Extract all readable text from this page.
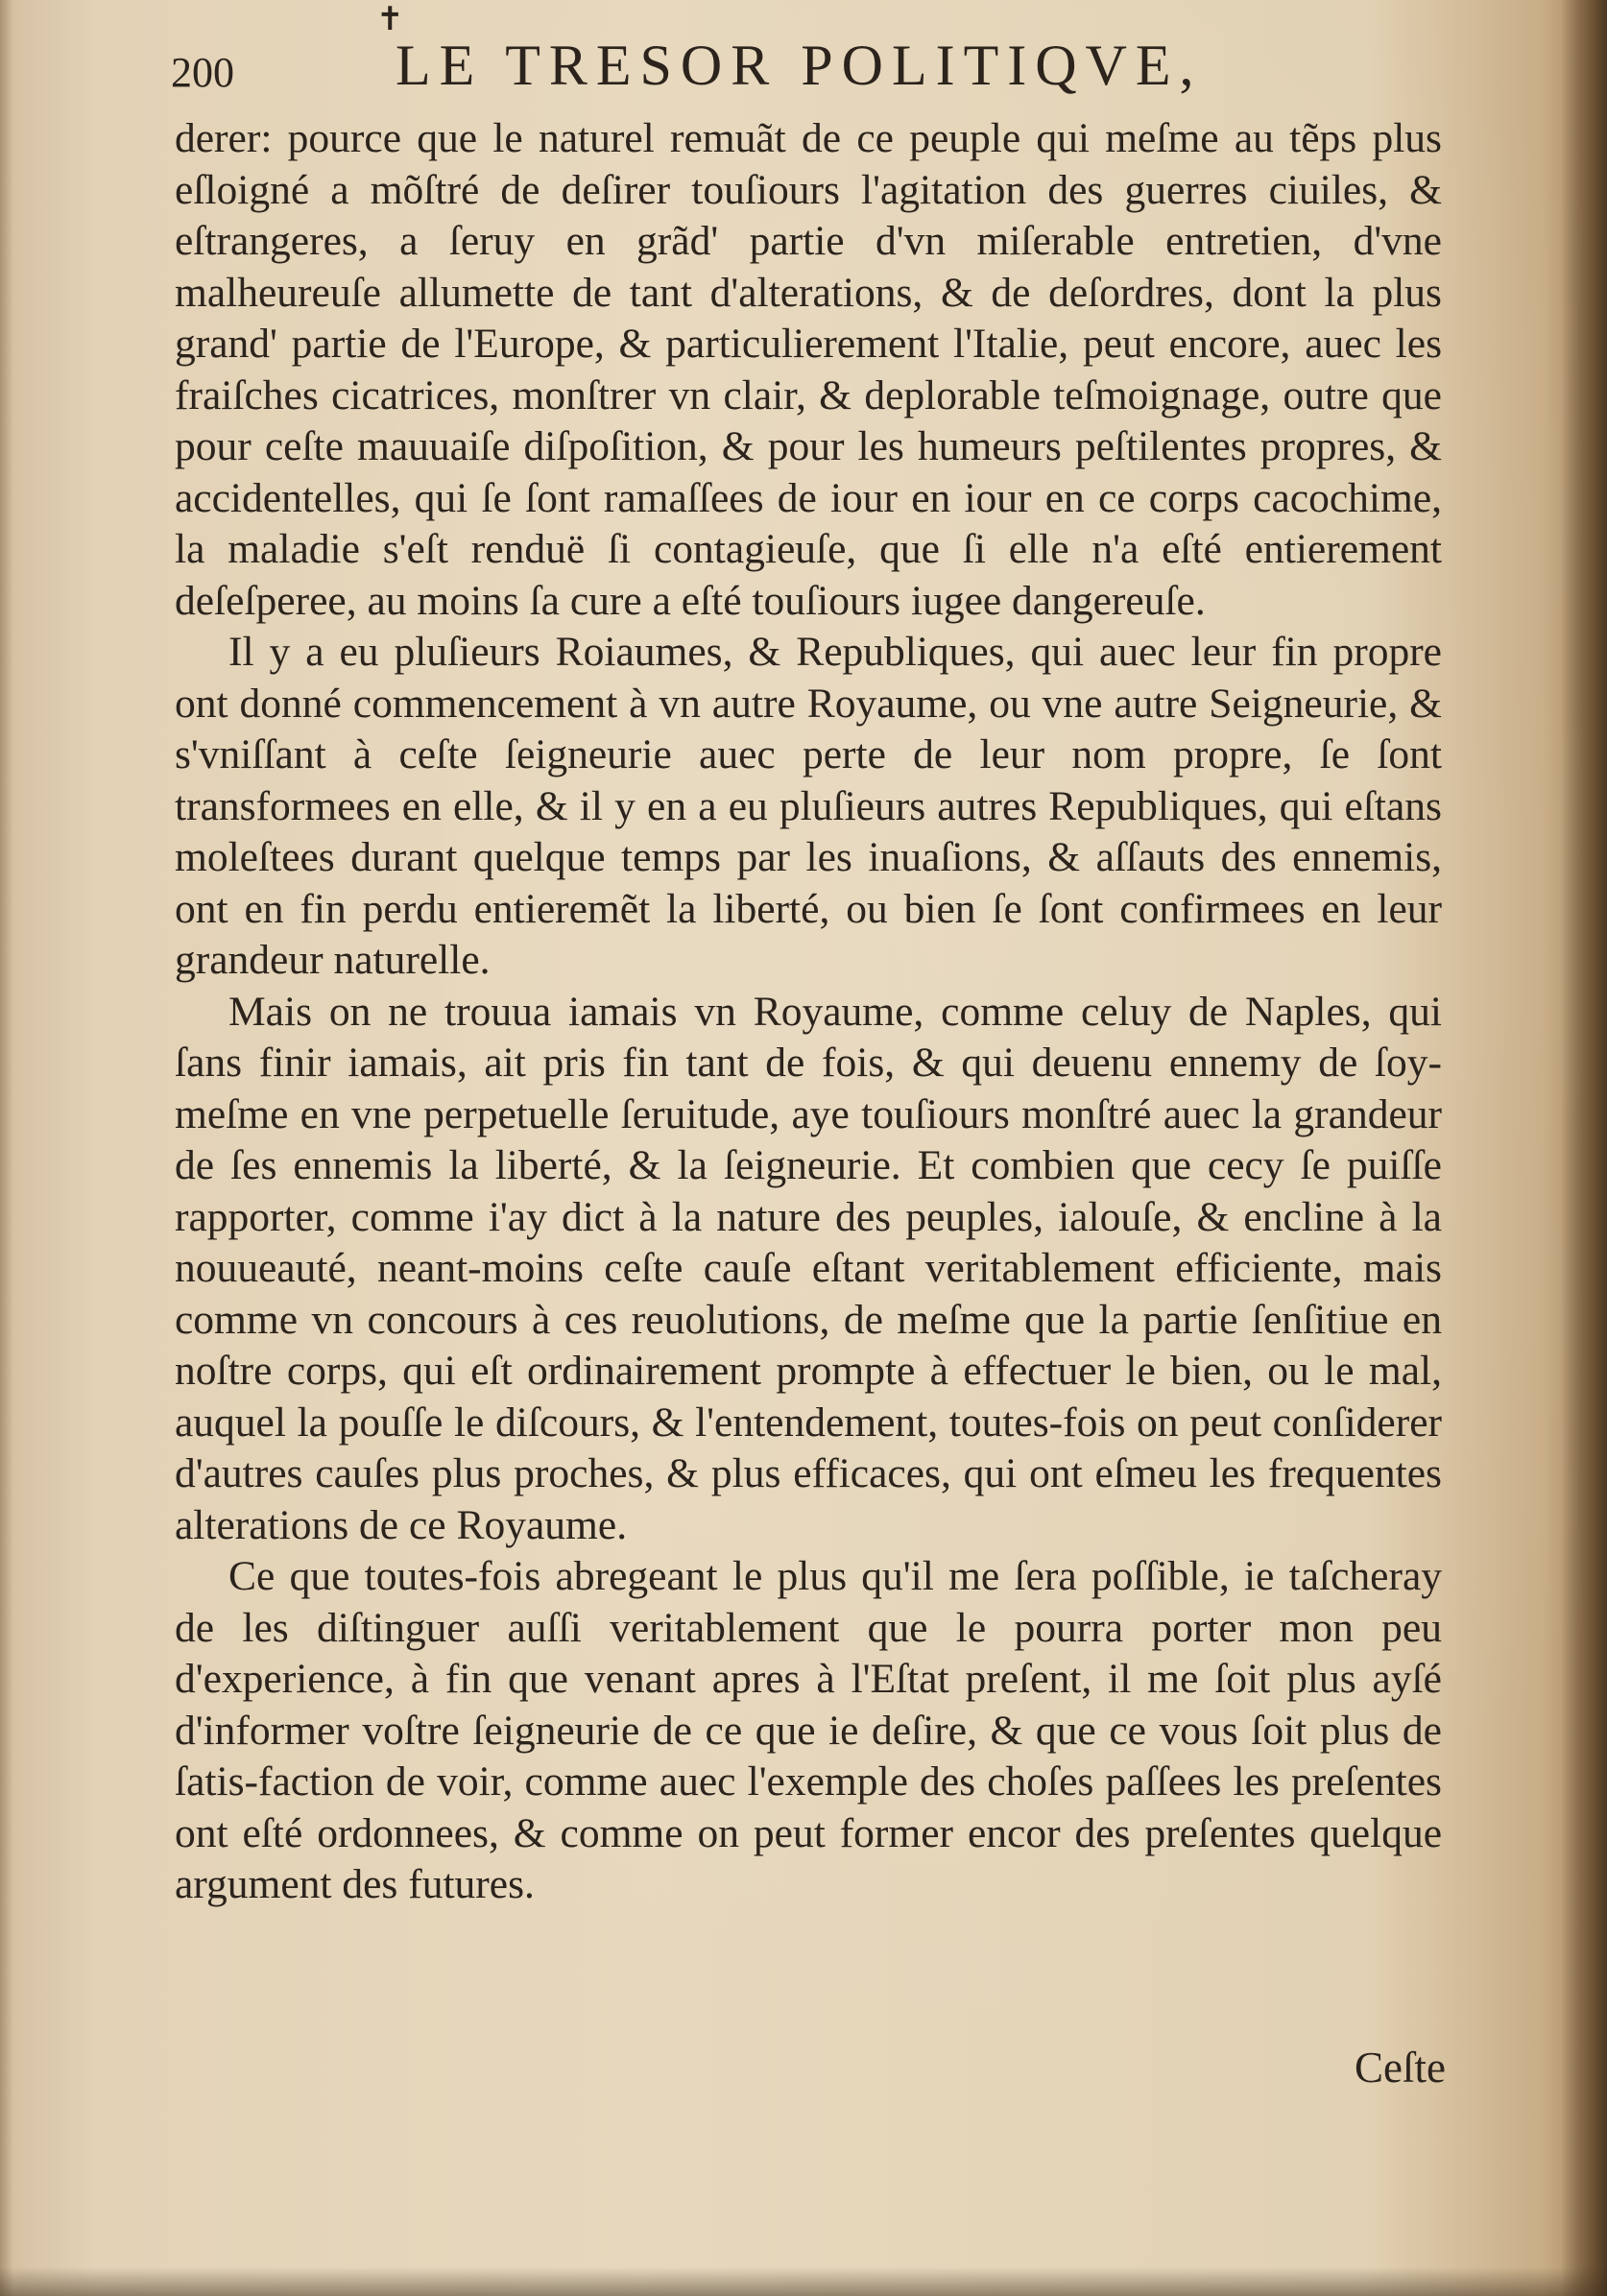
✝
200	LE TRESOR POLITIQVE,

derer: pource que le naturel remuãt de ce peuple qui meſme au tẽps plus eſloigné a mõſtré de deſirer touſiours l'agitation des guerres ciuiles, & eſtrangeres, a ſeruy en grãd' partie d'vn miſerable entretien, d'vne malheureuſe allumette de tant d'alterations, & de deſordres, dont la plus grand' partie de l'Europe, & particulierement l'Italie, peut encore, auec les fraiſches cicatrices, monſtrer vn clair, & deplorable teſmoignage, outre que pour ceſte mauuaiſe diſpoſition, & pour les humeurs peſtilentes propres, & accidentelles, qui ſe ſont ramaſſees de iour en iour en ce corps cacochime, la maladie s'eſt renduë ſi contagieuſe, que ſi elle n'a eſté entierement deſeſperee, au moins ſa cure a eſté touſiours iugee dangereuſe.

Il y a eu pluſieurs Roiaumes, & Republiques, qui auec leur fin propre ont donné commencement à vn autre Royaume, ou vne autre Seigneurie, & s'vniſſant à ceſte ſeigneurie auec perte de leur nom propre, ſe ſont transformees en elle, & il y en a eu pluſieurs autres Republiques, qui eſtans moleſtees durant quelque temps par les inuaſions, & aſſauts des ennemis, ont en fin perdu entieremẽt la liberté, ou bien ſe ſont confirmees en leur grandeur naturelle.

Mais on ne trouua iamais vn Royaume, comme celuy de Naples, qui ſans finir iamais, ait pris fin tant de fois, & qui deuenu ennemy de ſoy-meſme en vne perpetuelle ſeruitude, aye touſiours monſtré auec la grandeur de ſes ennemis la liberté, & la ſeigneurie. Et combien que cecy ſe puiſſe rapporter, comme i'ay dict à la nature des peuples, ialouſe, & encline à la nouueauté, neant-moins ceſte cauſe eſtant veritablement efficiente, mais comme vn concours à ces reuolutions, de meſme que la partie ſenſitiue en noſtre corps, qui eſt ordinairement prompte à effectuer le bien, ou le mal, auquel la pouſſe le diſcours, & l'entendement, toutes-fois on peut conſiderer d'autres cauſes plus proches, & plus efficaces, qui ont eſmeu les frequentes alterations de ce Royaume.

Ce que toutes-fois abregeant le plus qu'il me ſera poſſible, ie taſcheray de les diſtinguer auſſi veritablement que le pourra porter mon peu d'experience, à fin que venant apres à l'Eſtat preſent, il me ſoit plus ayſé d'informer voſtre ſeigneurie de ce que ie deſire, & que ce vous ſoit plus de ſatis-faction de voir, comme auec l'exemple des choſes paſſees les preſentes ont eſté ordonnees, & comme on peut former encor des preſentes quelque argument des futures.

Ceſte
